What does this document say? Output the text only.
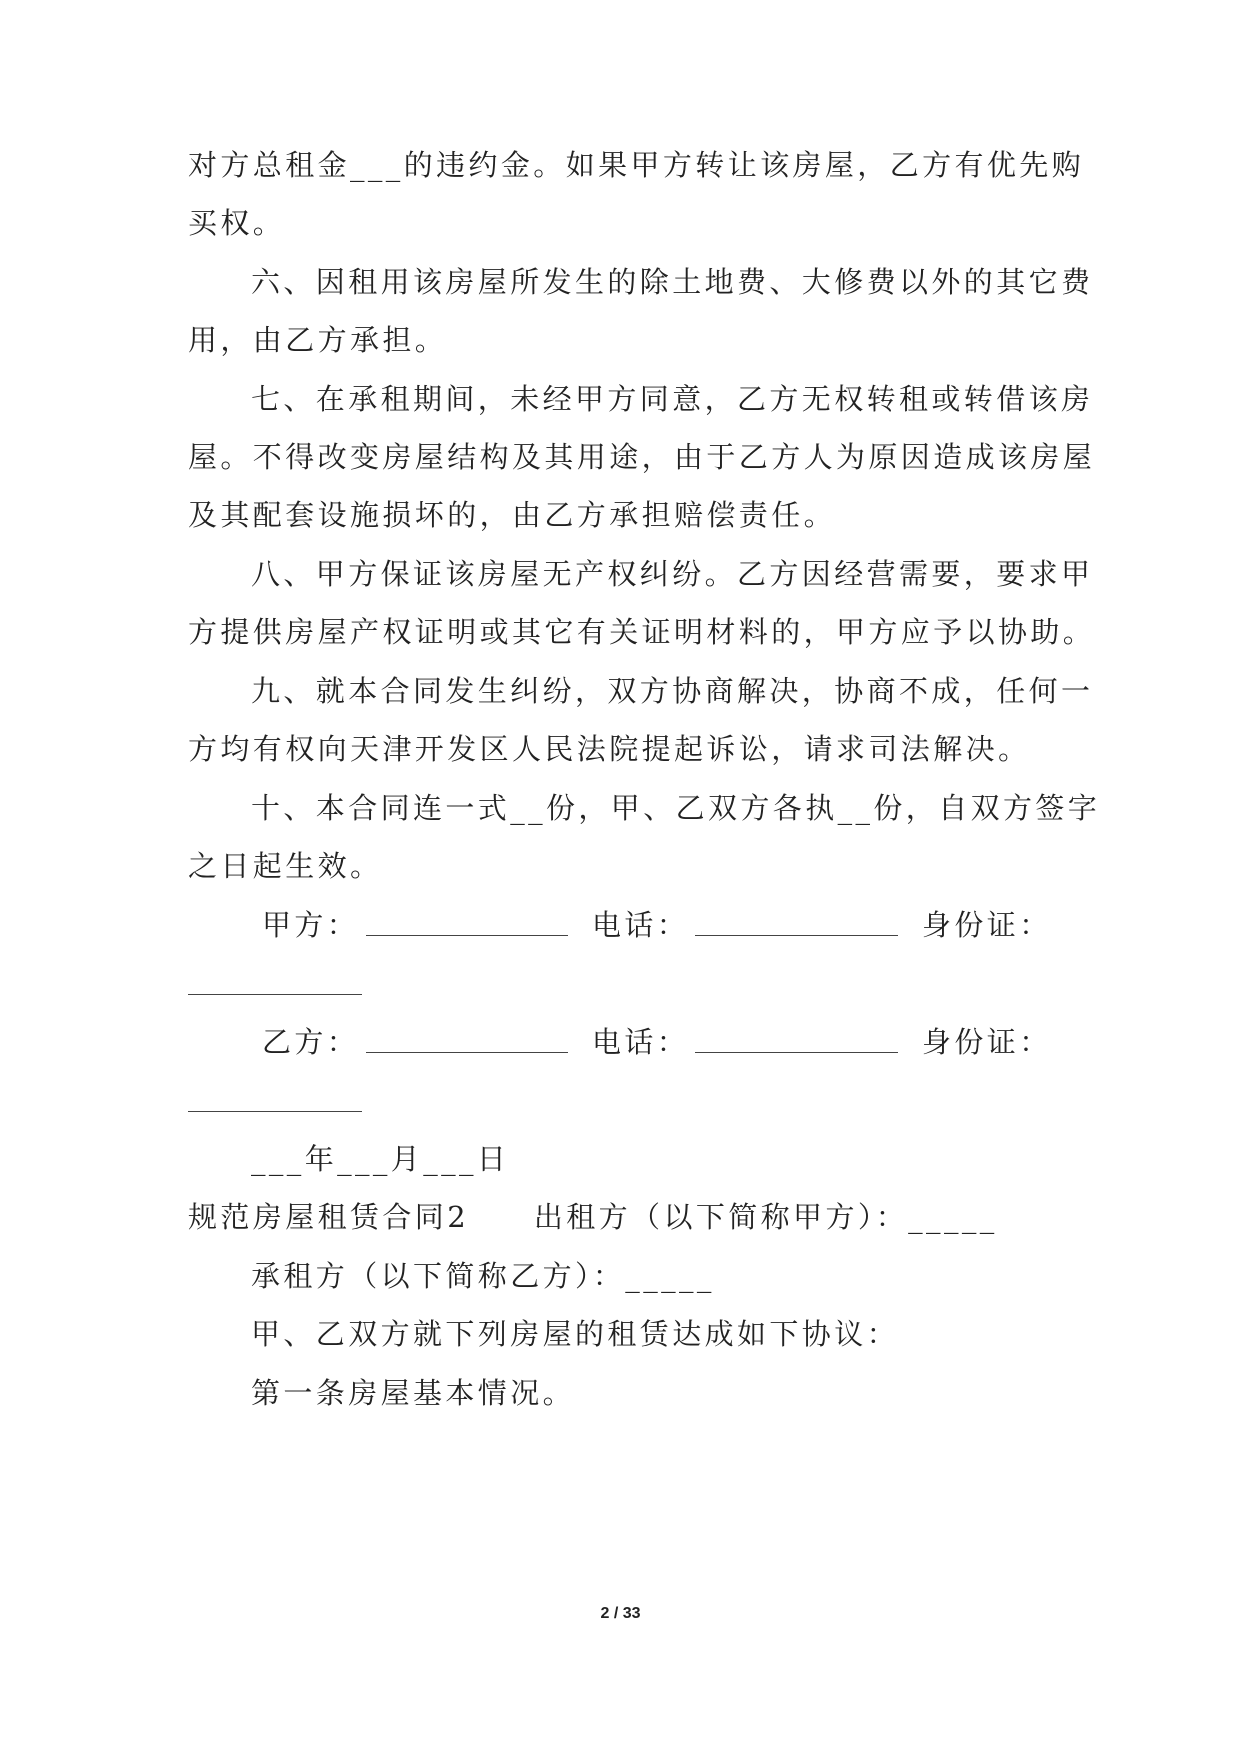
对方总租金___的违约金。如果甲方转让该房屋，乙方有优先购
买权。
六、因租用该房屋所发生的除土地费、大修费以外的其它费
用，由乙方承担。
七、在承租期间，未经甲方同意，乙方无权转租或转借该房
屋。不得改变房屋结构及其用途，由于乙方人为原因造成该房屋
及其配套设施损坏的，由乙方承担赔偿责任。
八、甲方保证该房屋无产权纠纷。乙方因经营需要，要求甲
方提供房屋产权证明或其它有关证明材料的，甲方应予以协助。
九、就本合同发生纠纷，双方协商解决，协商不成，任何一
方均有权向天津开发区人民法院提起诉讼，请求司法解决。
十、本合同连一式__份，甲、乙双方各执__份，自双方签字
之日起生效。
甲方：	电话：	身份证：
乙方：	电话：	身份证：
___年___月___日
规范房屋租赁合同2　　出租方（以下简称甲方）：_____
承租方（以下简称乙方）：_____
甲、乙双方就下列房屋的租赁达成如下协议：
第一条房屋基本情况。
2 / 33
